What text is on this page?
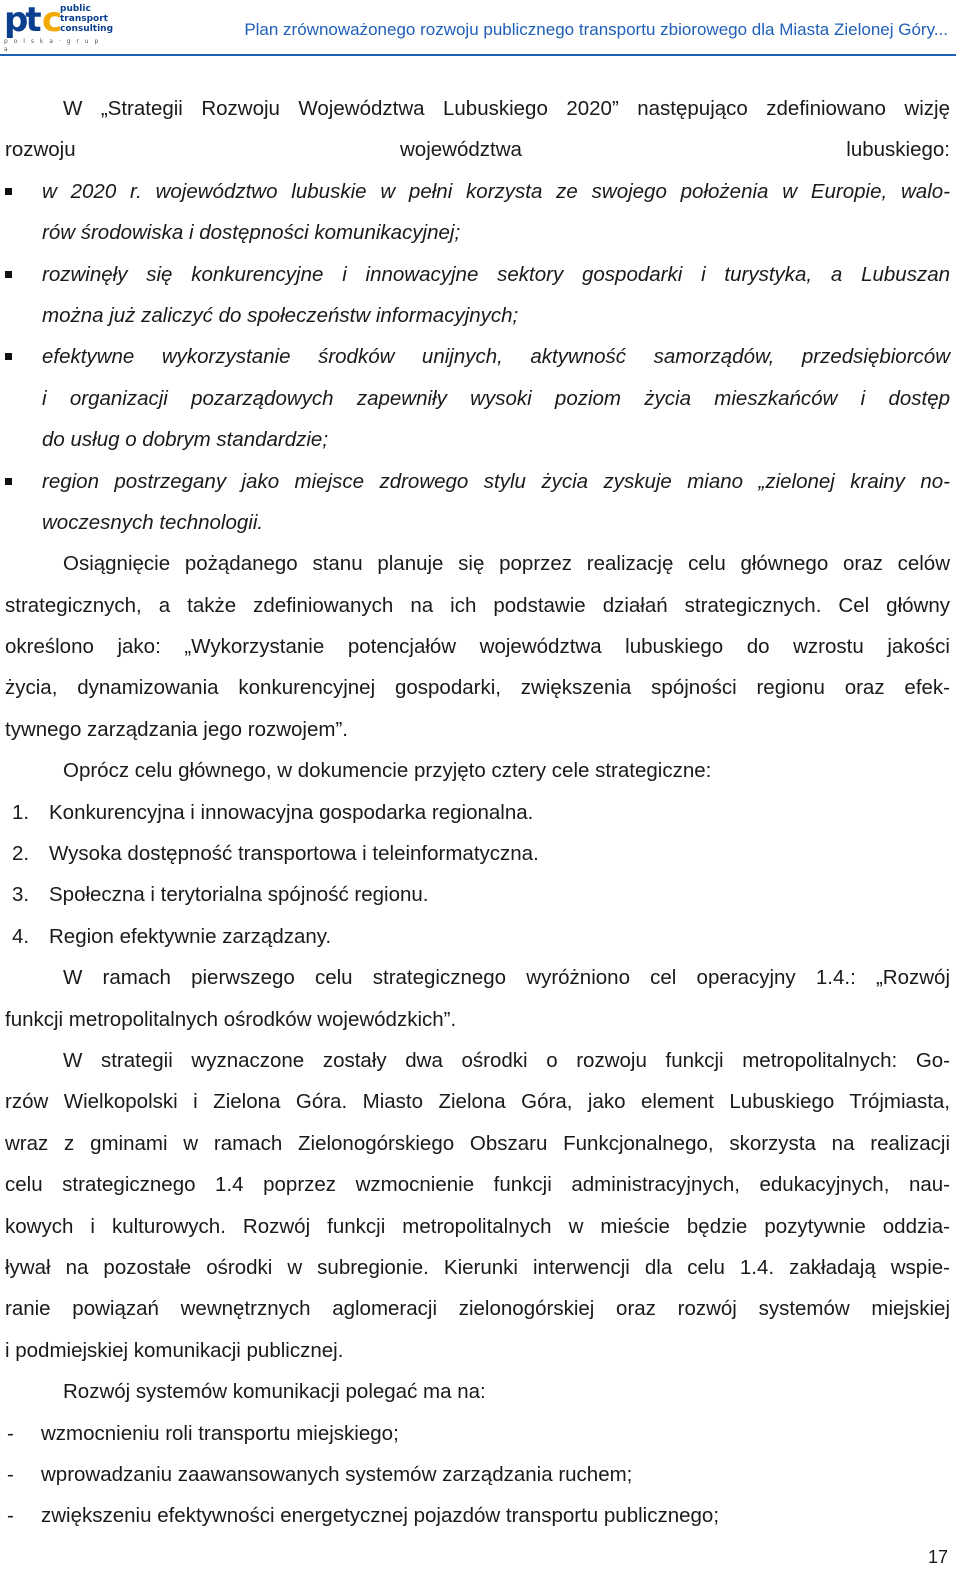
pt c
public transport consulting
p o l s k a · g r u p a
Plan zrównoważonego rozwoju publicznego transportu zbiorowego dla Miasta Zielonej Góry...
W „Strategii Rozwoju Województwa Lubuskiego 2020” następująco zdefiniowano wizję
rozwoju województwa lubuskiego:
w 2020 r. województwo lubuskie w pełni korzysta ze swojego położenia w Europie, walo-
rów środowiska i dostępności komunikacyjnej;
rozwinęły się konkurencyjne i innowacyjne sektory gospodarki i turystyka, a Lubuszan
można już zaliczyć do społeczeństw informacyjnych;
efektywne wykorzystanie środków unijnych, aktywność samorządów, przedsiębiorców
i organizacji pozarządowych zapewniły wysoki poziom życia mieszkańców i dostęp
do usług o dobrym standardzie;
region postrzegany jako miejsce zdrowego stylu życia zyskuje miano „zielonej krainy no-
woczesnych technologii.
Osiągnięcie pożądanego stanu planuje się poprzez realizację celu głównego oraz celów
strategicznych, a także zdefiniowanych na ich podstawie działań strategicznych. Cel główny
określono jako: „Wykorzystanie potencjałów województwa lubuskiego do wzrostu jakości
życia, dynamizowania konkurencyjnej gospodarki, zwiększenia spójności regionu oraz efek-
tywnego zarządzania jego rozwojem”.
Oprócz celu głównego, w dokumencie przyjęto cztery cele strategiczne:
1. Konkurencyjna i innowacyjna gospodarka regionalna.
2. Wysoka dostępność transportowa i teleinformatyczna.
3. Społeczna i terytorialna spójność regionu.
4. Region efektywnie zarządzany.
W ramach pierwszego celu strategicznego wyróżniono cel operacyjny 1.4.: „Rozwój
funkcji metropolitalnych ośrodków wojewódzkich”.
W strategii wyznaczone zostały dwa ośrodki o rozwoju funkcji metropolitalnych: Go-
rzów Wielkopolski i Zielona Góra. Miasto Zielona Góra, jako element Lubuskiego Trójmiasta,
wraz z gminami w ramach Zielonogórskiego Obszaru Funkcjonalnego, skorzysta na realizacji
celu strategicznego 1.4 poprzez wzmocnienie funkcji administracyjnych, edukacyjnych, nau-
kowych i kulturowych. Rozwój funkcji metropolitalnych w mieście będzie pozytywnie oddzia-
ływał na pozostałe ośrodki w subregionie. Kierunki interwencji dla celu 1.4. zakładają wspie-
ranie powiązań wewnętrznych aglomeracji zielonogórskiej oraz rozwój systemów miejskiej
i podmiejskiej komunikacji publicznej.
Rozwój systemów komunikacji polegać ma na:
- wzmocnieniu roli transportu miejskiego;
- wprowadzaniu zaawansowanych systemów zarządzania ruchem;
- zwiększeniu efektywności energetycznej pojazdów transportu publicznego;
17
